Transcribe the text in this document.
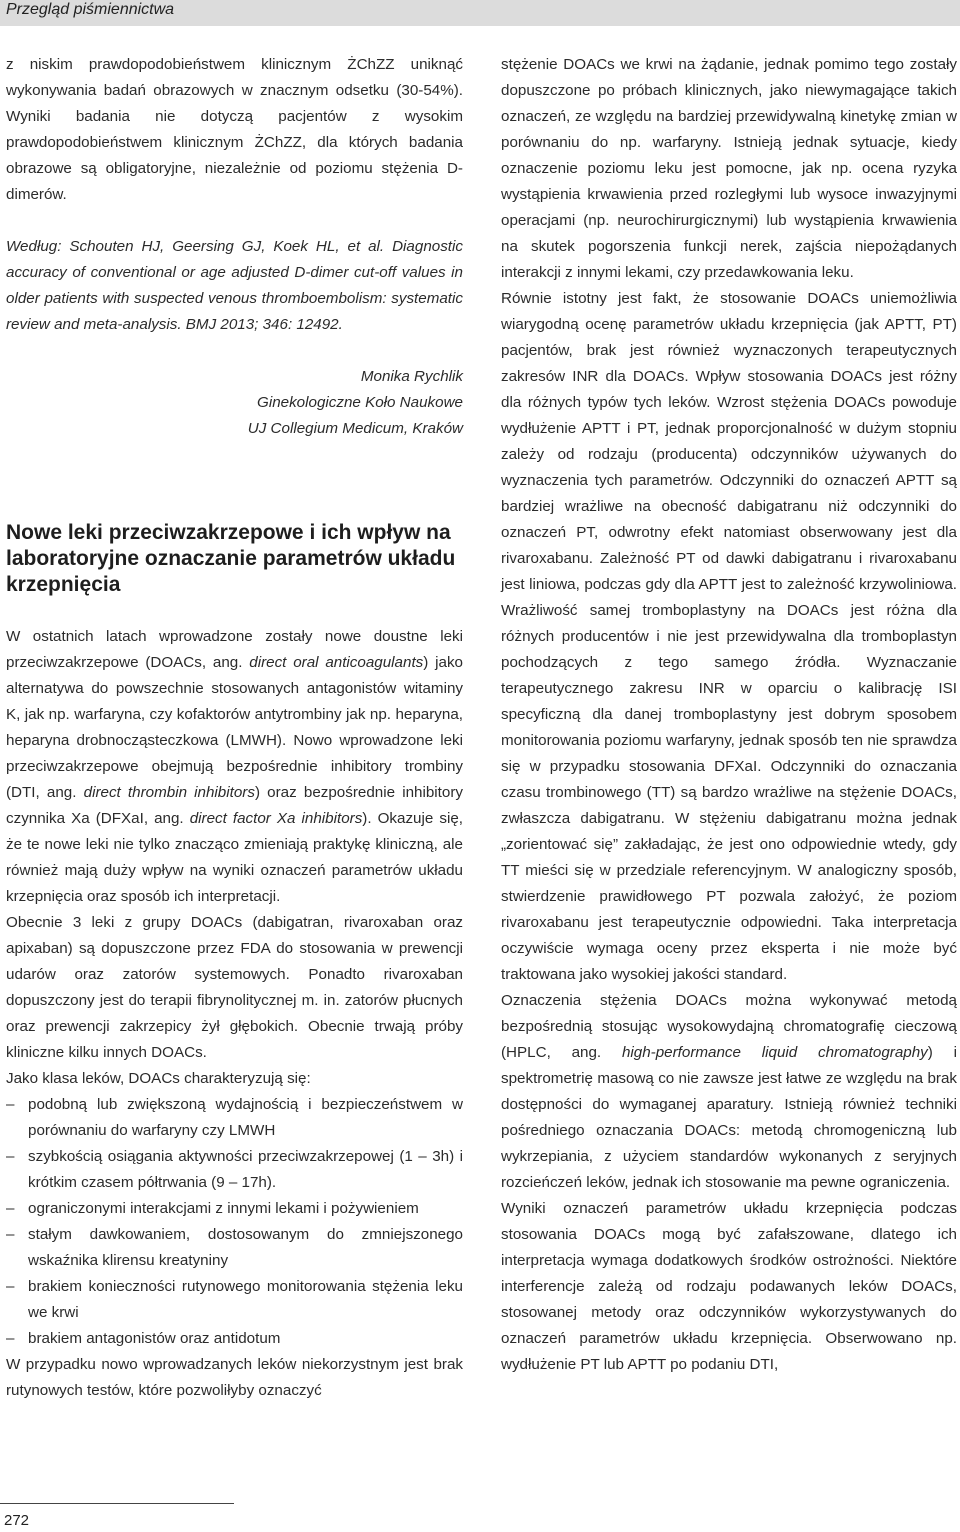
Przegląd piśmiennictwa

z niskim prawdopodobieństwem klinicznym ŻChZZ uniknąć wykonywania badań obrazowych w znacznym odsetku (30-54%). Wyniki badania nie dotyczą pacjentów z wysokim prawdopodobieństwem klinicznym ŻChZZ, dla których badania obrazowe są obligatoryjne, niezależnie od poziomu stężenia D-dimerów.

Według: Schouten HJ, Geersing GJ, Koek HL, et al. Diagnostic accuracy of conventional or age adjusted D-dimer cut-off values in older patients with suspected venous thromboembolism: systematic review and meta-analysis. BMJ 2013; 346: 12492.

Monika Rychlik

Ginekologiczne Koło Naukowe

UJ Collegium Medicum, Kraków

Nowe leki przeciwzakrzepowe i ich wpływ na laboratoryjne oznaczanie parametrów układu krzepnięcia

W ostatnich latach wprowadzone zostały nowe doustne leki przeciwzakrzepowe (DOACs, ang. direct oral anticoagulants) jako alternatywa do powszechnie stosowanych antagonistów witaminy K, jak np. warfaryna, czy kofaktorów antytrombiny jak np. heparyna, heparyna drobnocząsteczkowa (LMWH). Nowo wprowadzone leki przeciwzakrzepowe obejmują bezpośrednie inhibitory trombiny (DTI, ang. direct thrombin inhibitors) oraz bezpośrednie inhibitory czynnika Xa (DFXaI, ang. direct factor Xa inhibitors). Okazuje się, że te nowe leki nie tylko znacząco zmieniają praktykę kliniczną, ale również mają duży wpływ na wyniki oznaczeń parametrów układu krzepnięcia oraz sposób ich interpretacji.

Obecnie 3 leki z grupy DOACs (dabigatran, rivaroxaban oraz apixaban) są dopuszczone przez FDA do stosowania w prewencji udarów oraz zatorów systemowych. Ponadto rivaroxaban dopuszczony jest do terapii fibrynolitycznej m. in. zatorów płucnych oraz prewencji zakrzepicy żył głębokich. Obecnie trwają próby kliniczne kilku innych DOACs.

Jako klasa leków, DOACs charakteryzują się:

– podobną lub zwiększoną wydajnością i bezpieczeństwem w porównaniu do warfaryny czy LMWH
– szybkością osiągania aktywności przeciwzakrzepowej (1 – 3h) i krótkim czasem półtrwania (9 – 17h).
– ograniczonymi interakcjami z innymi lekami i pożywieniem
– stałym dawkowaniem, dostosowanym do zmniejszonego wskaźnika klirensu kreatyniny
– brakiem konieczności rutynowego monitorowania stężenia leku we krwi
– brakiem antagonistów oraz antidotum

W przypadku nowo wprowadzanych leków niekorzystnym jest brak rutynowych testów, które pozwoliłyby oznaczyć

stężenie DOACs we krwi na żądanie, jednak pomimo tego zostały dopuszczone po próbach klinicznych, jako niewymagające takich oznaczeń, ze względu na bardziej przewidywalną kinetykę zmian w porównaniu do np. warfaryny. Istnieją jednak sytuacje, kiedy oznaczenie poziomu leku jest pomocne, jak np. ocena ryzyka wystąpienia krwawienia przed rozległymi lub wysoce inwazyjnymi operacjami (np. neurochirurgicznymi) lub wystąpienia krwawienia na skutek pogorszenia funkcji nerek, zajścia niepożądanych interakcji z innymi lekami, czy przedawkowania leku.

Równie istotny jest fakt, że stosowanie DOACs uniemożliwia wiarygodną ocenę parametrów układu krzepnięcia (jak APTT, PT) pacjentów, brak jest również wyznaczonych terapeutycznych zakresów INR dla DOACs. Wpływ stosowania DOACs jest różny dla różnych typów tych leków. Wzrost stężenia DOACs powoduje wydłużenie APTT i PT, jednak proporcjonalność w dużym stopniu zależy od rodzaju (producenta) odczynników używanych do wyznaczenia tych parametrów. Odczynniki do oznaczeń APTT są bardziej wrażliwe na obecność dabigatranu niż odczynniki do oznaczeń PT, odwrotny efekt natomiast obserwowany jest dla rivaroxabanu. Zależność PT od dawki dabigatranu i rivaroxabanu jest liniowa, podczas gdy dla APTT jest to zależność krzywoliniowa. Wrażliwość samej tromboplastyny na DOACs jest różna dla różnych producentów i nie jest przewidywalna dla tromboplastyn pochodzących z tego samego źródła. Wyznaczanie terapeutycznego zakresu INR w oparciu o kalibrację ISI specyficzną dla danej tromboplastyny jest dobrym sposobem monitorowania poziomu warfaryny, jednak sposób ten nie sprawdza się w przypadku stosowania DFXaI. Odczynniki do oznaczania czasu trombinowego (TT) są bardzo wrażliwe na stężenie DOACs, zwłaszcza dabigatranu. W stężeniu dabigatranu można jednak „zorientować się” zakładając, że jest ono odpowiednie wtedy, gdy TT mieści się w przedziale referencyjnym. W analogiczny sposób, stwierdzenie prawidłowego PT pozwala założyć, że poziom rivaroxabanu jest terapeutycznie odpowiedni. Taka interpretacja oczywiście wymaga oceny przez eksperta i nie może być traktowana jako wysokiej jakości standard.

Oznaczenia stężenia DOACs można wykonywać metodą bezpośrednią stosując wysokowydajną chromatografię cieczową (HPLC, ang. high-performance liquid chromatography) i spektrometrię masową co nie zawsze jest łatwe ze względu na brak dostępności do wymaganej aparatury. Istnieją również techniki pośredniego oznaczania DOACs: metodą chromogeniczną lub wykrzepiania, z użyciem standardów wykonanych z seryjnych rozcieńczeń leków, jednak ich stosowanie ma pewne ograniczenia.

Wyniki oznaczeń parametrów układu krzepnięcia podczas stosowania DOACs mogą być zafałszowane, dlatego ich interpretacja wymaga dodatkowych środków ostrożności. Niektóre interferencje zależą od rodzaju podawanych leków DOACs, stosowanej metody oraz odczynników wykorzystywanych do oznaczeń parametrów układu krzepnięcia. Obserwowano np. wydłużenie PT lub APTT po podaniu DTI,

272
